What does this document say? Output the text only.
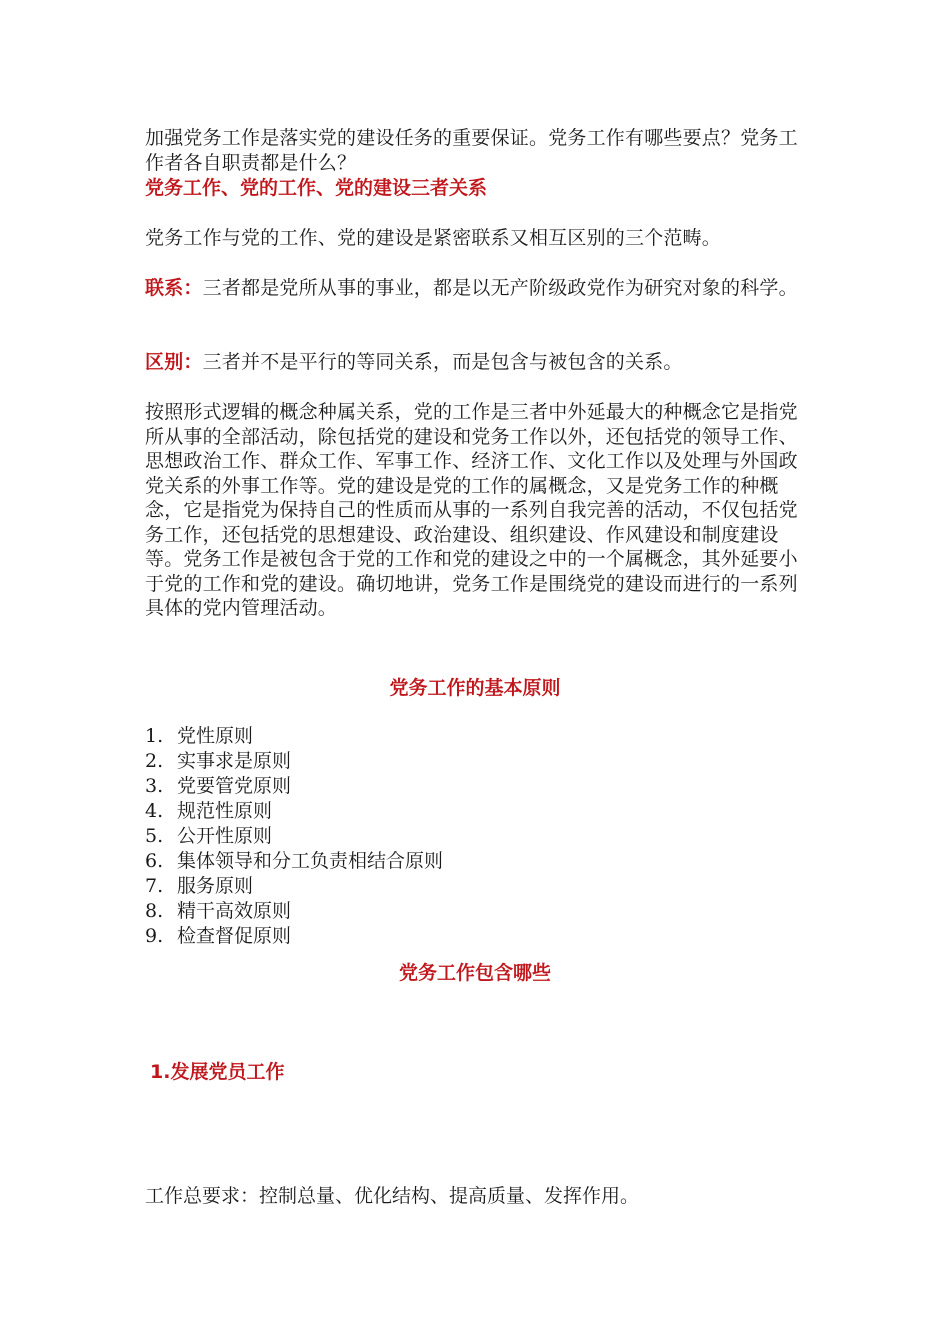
加强党务工作是落实党的建设任务的重要保证。党务工作有哪些要点？党务工作者各自职责都是什么？
党务工作、党的工作、党的建设三者关系
党务工作与党的工作、党的建设是紧密联系又相互区别的三个范畴。
联系：三者都是党所从事的事业，都是以无产阶级政党作为研究对象的科学。
区别：三者并不是平行的等同关系，而是包含与被包含的关系。
按照形式逻辑的概念种属关系，党的工作是三者中外延最大的种概念它是指党所从事的全部活动，除包括党的建设和党务工作以外，还包括党的领导工作、思想政治工作、群众工作、军事工作、经济工作、文化工作以及处理与外国政党关系的外事工作等。党的建设是党的工作的属概念，又是党务工作的种概念，它是指党为保持自己的性质而从事的一系列自我完善的活动，不仅包括党务工作，还包括党的思想建设、政治建设、组织建设、作风建设和制度建设等。党务工作是被包含于党的工作和党的建设之中的一个属概念，其外延要小于党的工作和党的建设。确切地讲，党务工作是围绕党的建设而进行的一系列具体的党内管理活动。
党务工作的基本原则
1. 党性原则
2. 实事求是原则
3. 党要管党原则
4. 规范性原则
5. 公开性原则
6. 集体领导和分工负责相结合原则
7. 服务原则
8. 精干高效原则
9. 检查督促原则
党务工作包含哪些
1.发展党员工作
工作总要求：控制总量、优化结构、提高质量、发挥作用。
